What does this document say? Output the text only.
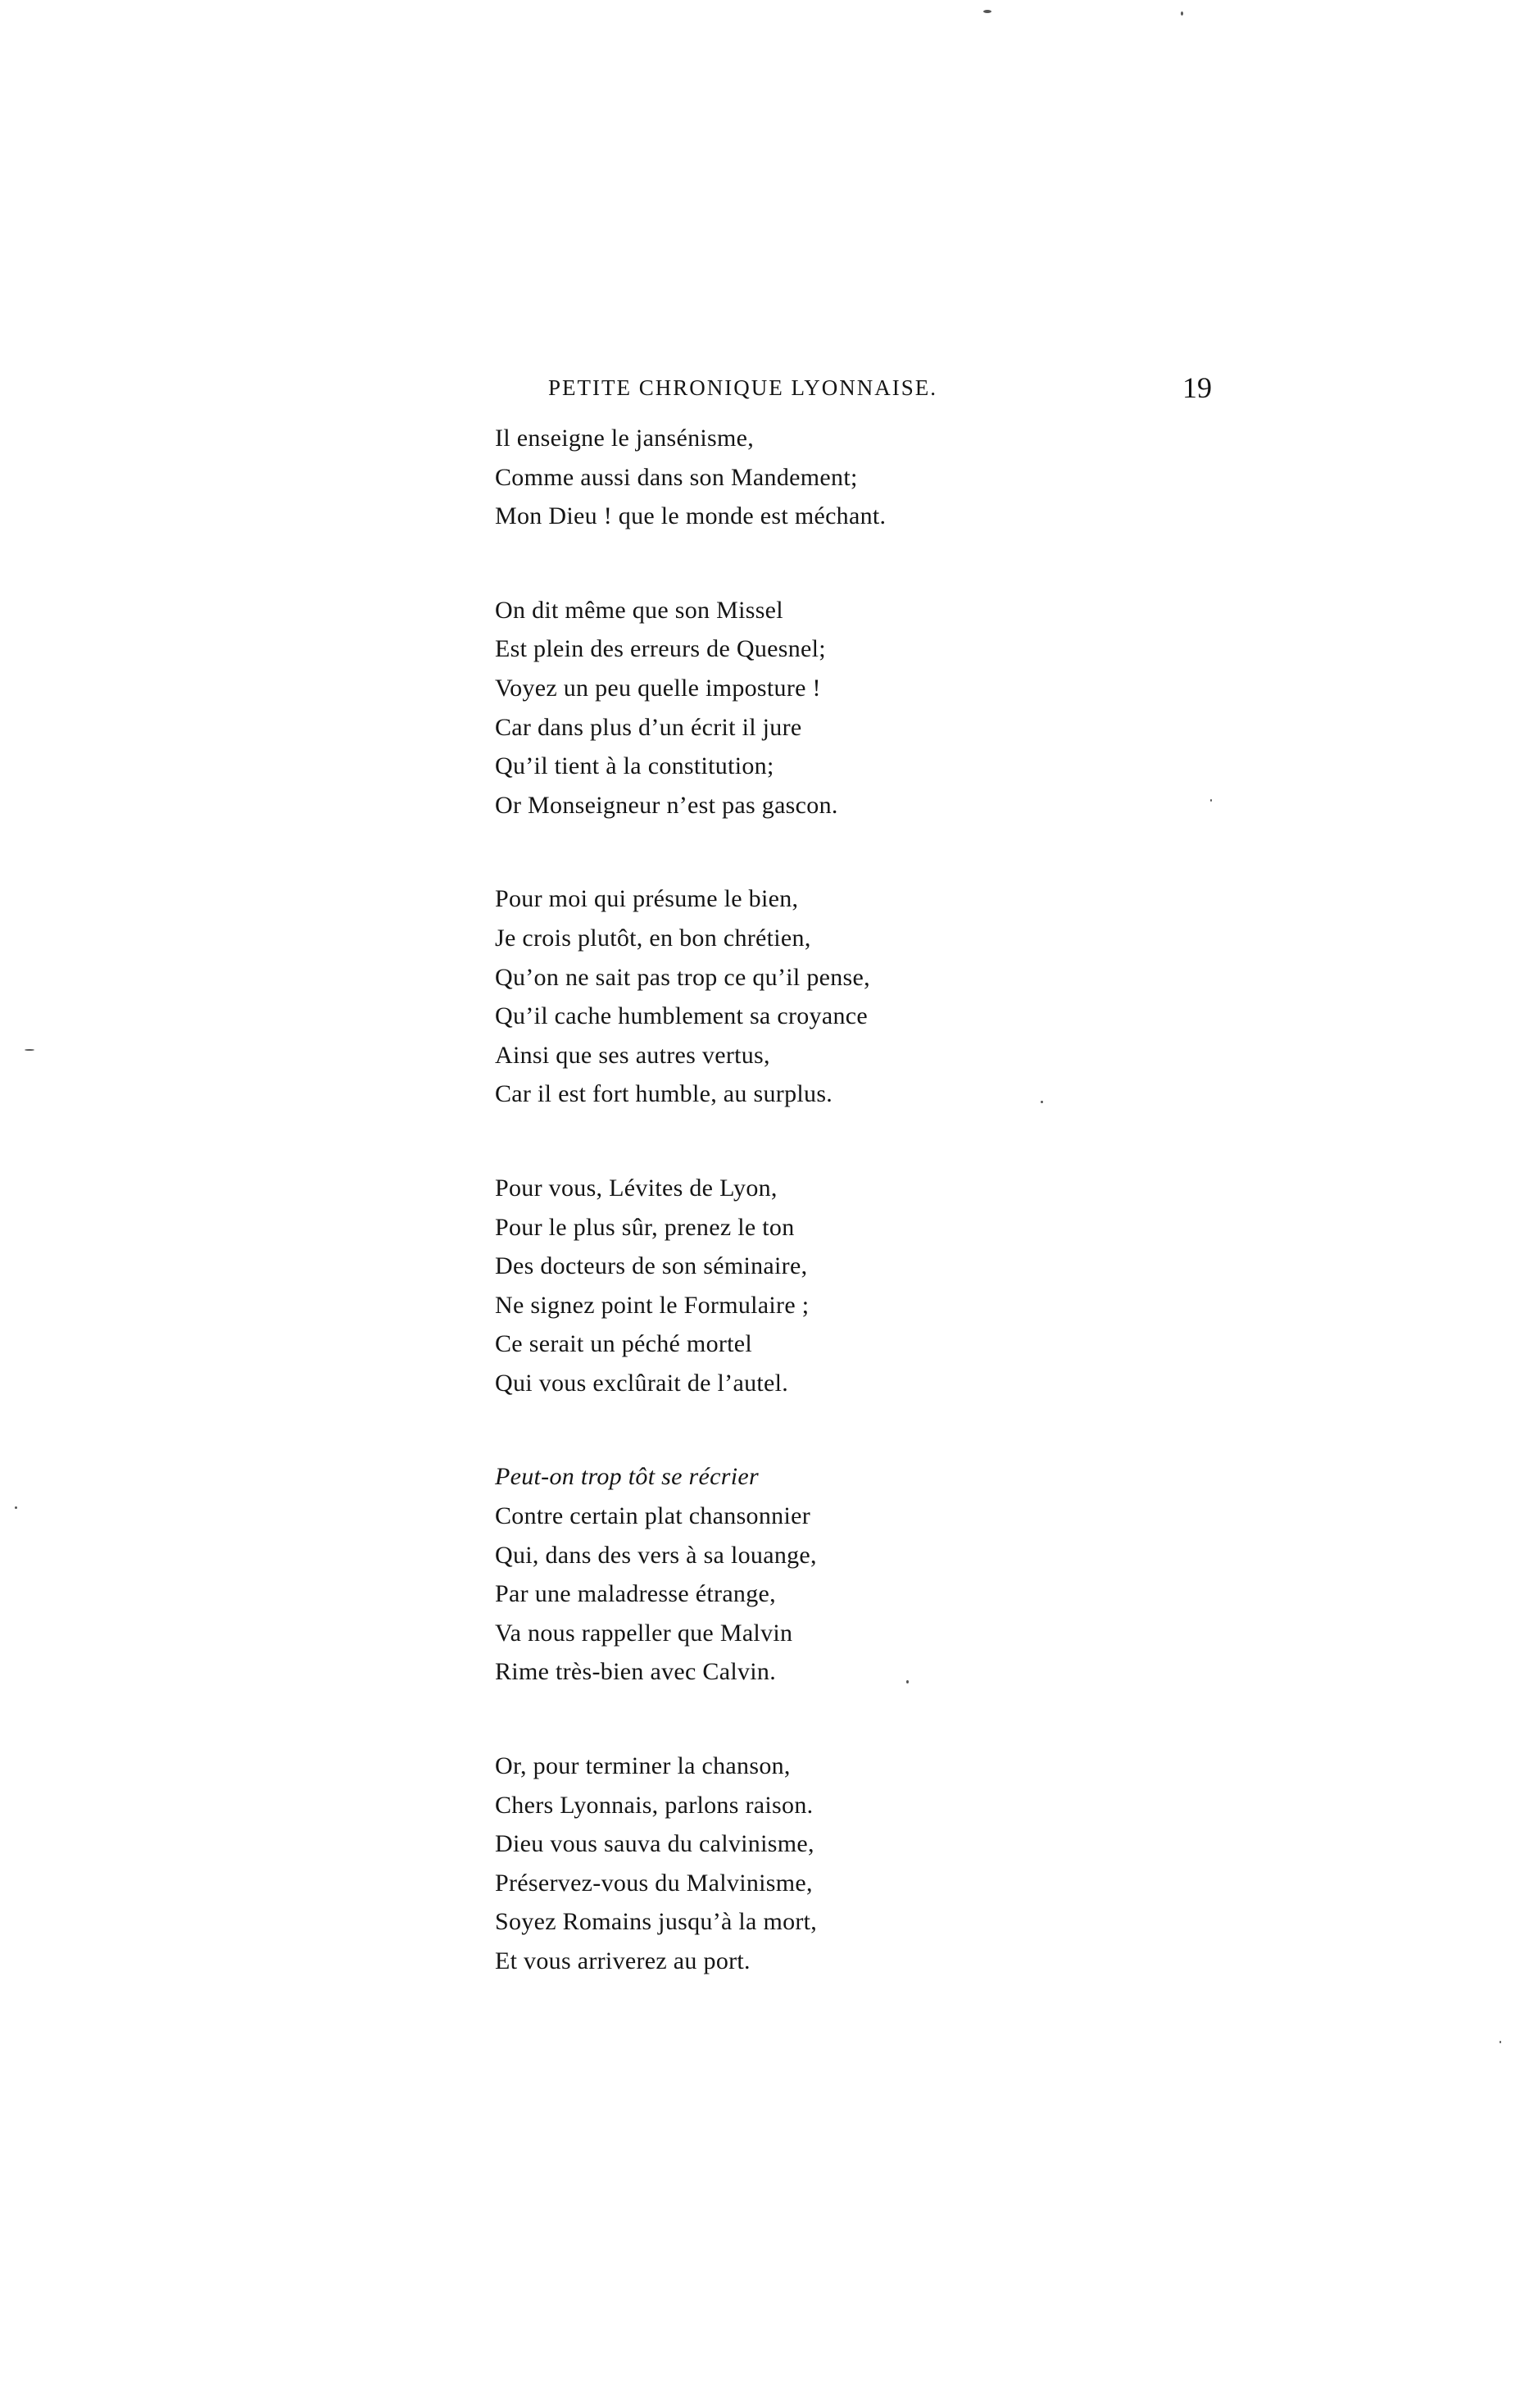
PETITE CHRONIQUE LYONNAISE.	19
Il enseigne le jansénisme,
Comme aussi dans son Mandement;
Mon Dieu ! que le monde est méchant.
On dit même que son Missel
Est plein des erreurs de Quesnel;
Voyez un peu quelle imposture !
Car dans plus d’un écrit il jure
Qu’il tient à la constitution;
Or Monseigneur n’est pas gascon.
Pour moi qui présume le bien,
Je crois plutôt, en bon chrétien,
Qu’on ne sait pas trop ce qu’il pense,
Qu’il cache humblement sa croyance
Ainsi que ses autres vertus,
Car il est fort humble, au surplus.
Pour vous, Lévites de Lyon,
Pour le plus sûr, prenez le ton
Des docteurs de son séminaire,
Ne signez point le Formulaire ;
Ce serait un péché mortel
Qui vous exclûrait de l’autel.
Peut-on trop tôt se récrier
Contre certain plat chansonnier
Qui, dans des vers à sa louange,
Par une maladresse étrange,
Va nous rappeller que Malvin
Rime très-bien avec Calvin.
Or, pour terminer la chanson,
Chers Lyonnais, parlons raison.
Dieu vous sauva du calvinisme,
Préservez-vous du Malvinisme,
Soyez Romains jusqu’à la mort,
Et vous arriverez au port.
